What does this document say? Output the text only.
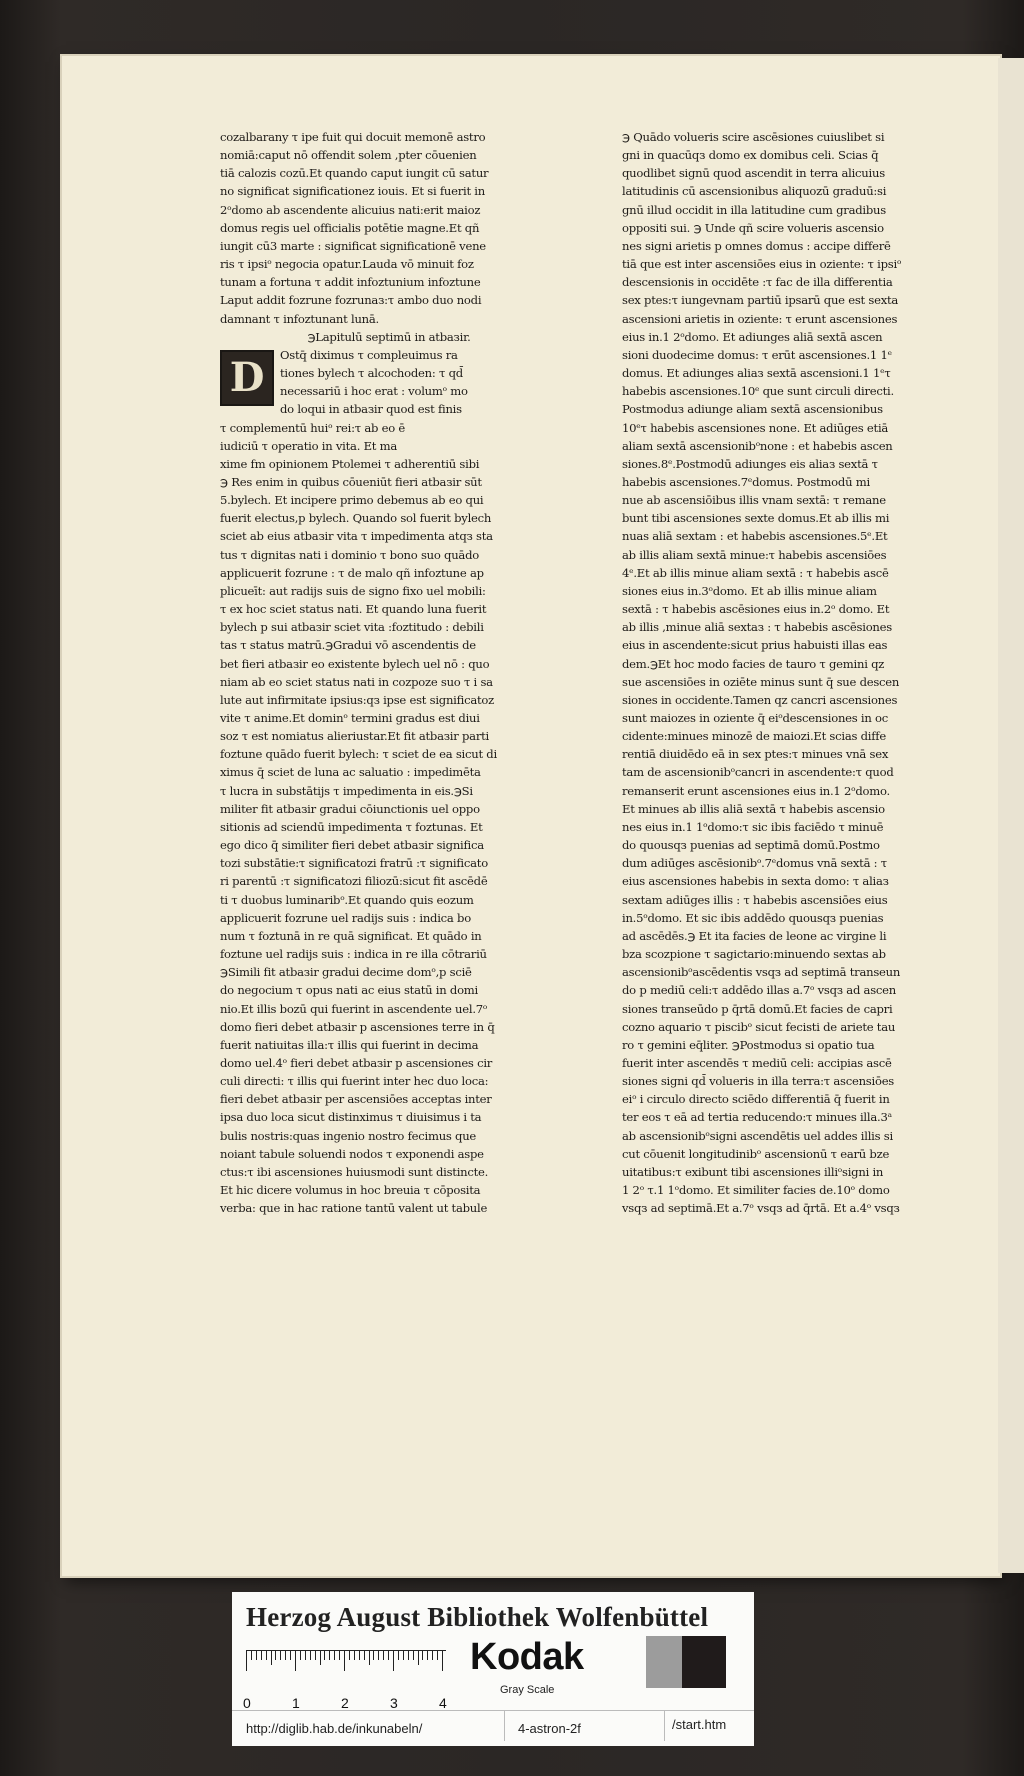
cozalbarany τ ipe fuit qui docuit memonē astro

nomiā:caput nō offendit solem ,pter cōuenien

tiā calozis cozū.Et quando caput iungit cū satur

no significat significationez iouis. Et si fuerit in

2ᵒdomo ab ascendente alicuius nati:erit maioz

domus regis uel officialis potētie magne.Et qñ

iungit cū3 marte : significat significationē vene

ris τ ipsiᵒ negocia opatur.Lauda vō minuit foz

tunam a fortuna τ addit infoztunium infoztune

Laput addit fozrune fozrunaз:τ ambo duo nodi

damnant τ infoztunant lunā.

℈Lapitulū septimū in atbaзir.

D	Ostq̄ diximus τ compleuimus ra

tiones bylech τ alcochoden: τ qd̄

necessariū i hoc erat : volumᵒ mo

do loqui in atbaзir quod est finis

τ complementū huiᵒ rei:τ ab eo ē

iudiciū τ operatio in vita. Et ma

xime fm opinionem Ptolemei τ adherentiū sibi

℈ Res enim in quibus cōueniūt fieri atbaзir sūt

5.bylech. Et incipere primo debemus ab eo qui

fuerit electus,p bylech. Quando sol fuerit bylech

sciet ab eius atbaзir vita τ impedimenta atqз sta

tus τ dignitas nati i dominio τ bono suo quādo

applicuerit fozrune : τ de malo qñ infoztune ap

plicueīt: aut radijs suis de signo fixo uel mobili:

τ ex hoc sciet status nati. Et quando luna fuerit

bylech p sui atbaзir sciet vita :foztitudo : debili

tas τ status matrū.℈Gradui vō ascendentis de

bet fieri atbaзir eo existente bylech uel nō : quo

niam ab eo sciet status nati in cozpoze suo τ i sa

lute aut infirmitate ipsius:qз ipse est significatoz

vite τ anime.Et dominᵒ termini gradus est diui

soz τ est nomiatus alieriustar.Et fit atbaзir parti

foztune quādo fuerit bylech: τ sciet de ea sicut di

ximus q̄ sciet de luna ac saluatio : impedimēta

τ lucra in substātijs τ impedimenta in eis.℈Si

militer fit atbaзir gradui cōiunctionis uel oppo

sitionis ad sciendū impedimenta τ foztunas. Et

ego dico q̄ similiter fieri debet atbaзir significa

tozi substātie:τ significatozi fratrū :τ significato

ri parentū :τ significatozi filiozū:sicut fit ascēdē

ti τ duobus luminaribᵒ.Et quando quis eozum

applicuerit fozrune uel radijs suis : indica bo

num τ foztunā in re quā significat. Et quādo in

foztune uel radijs suis : indica in re illa cōtrariū

℈Simili fit atbaзir gradui decime domᵒ,p sciē

do negocium τ opus nati ac eius statū in domi

nio.Et illis bozū qui fuerint in ascendente uel.7ᵒ

domo fieri debet atbaзir p ascensiones terre in q̄

fuerit natiuitas illa:τ illis qui fuerint in decima

domo uel.4ᵒ fieri debet atbaзir p ascensiones cir

culi directi: τ illis qui fuerint inter hec duo loca:

fieri debet atbaзir per ascensiōes acceptas inter

ipsa duo loca sicut distinximus τ diuisimus i ta

bulis nostris:quas ingenio nostro fecimus que

noiant tabule soluendi nodos τ exponendi aspe

ctus:τ ibi ascensiones huiusmodi sunt distincte.

Et hic dicere volumus in hoc breuia τ cōposita

verba: que in hac ratione tantū valent ut tabule

℈ Quādo volueris scire ascēsiones cuiuslibet si

gni in quacūqз domo ex domibus celi. Scias q̄

quodlibet signū quod ascendit in terra alicuius

latitudinis cū ascensionibus aliquozū graduū:si

gnū illud occidit in illa latitudine cum gradibus

oppositi sui. ℈ Unde qñ scire volueris ascensio

nes signi arietis p omnes domus : accipe differē

tiā que est inter ascensiōes eius in oziente: τ ipsiᵒ

descensionis in occidēte :τ fac de illa differentia

sex ptes:τ iungevnam partiū ipsarū que est sexta

ascensioni arietis in oziente: τ erunt ascensiones

eius in.1 2ᵒdomo. Et adiunges aliā sextā ascen

sioni duodecime domus: τ erūt ascensiones.1 1ᵉ

domus. Et adiunges aliaз sextā ascensioni.1 1ᵉτ

habebis ascensiones.10ᵉ que sunt circuli directi.

Postmoduз adiunge aliam sextā ascensionibus

10ᵉτ habebis ascensiones none. Et adiūges etiā

aliam sextā ascensionibᵒnone : et habebis ascen

siones.8ᵉ.Postmodū adiunges eis aliaз sextā τ

habebis ascensiones.7ᵉdomus. Postmodū mi

nue ab ascensiōibus illis vnam sextā: τ remane

bunt tibi ascensiones sexte domus.Et ab illis mi

nuas aliā sextam : et habebis ascensiones.5ᵉ.Et

ab illis aliam sextā minue:τ habebis ascensiōes

4ᵉ.Et ab illis minue aliam sextā : τ habebis ascē

siones eius in.3ᵒdomo. Et ab illis minue aliam

sextā : τ habebis ascēsiones eius in.2ᵒ domo. Et

ab illis ,minue aliā sextaз : τ habebis ascēsiones

eius in ascendente:sicut prius habuisti illas eas

dem.℈Et hoc modo facies de tauro τ gemini qz

sue ascensiōes in oziēte minus sunt q̄ sue descen

siones in occidente.Tamen qz cancri ascensiones

sunt maiozes in oziente q̄ eiᵒdescensiones in oc

cidente:minues minozē de maiozi.Et scias diffe

rentiā diuidēdo eā in sex ptes:τ minues vnā sex

tam de ascensionibᵒcancri in ascendente:τ quod

remanserit erunt ascensiones eius in.1 2ᵒdomo.

Et minues ab illis aliā sextā τ habebis ascensio

nes eius in.1 1ᵒdomo:τ sic ibis faciēdo τ minuē

do quousqз puenias ad septimā domū.Postmo

dum adiūges ascēsionibᵒ.7ᵉdomus vnā sextā : τ

eius ascensiones habebis in sexta domo: τ aliaз

sextam adiūges illis : τ habebis ascensiōes eius

in.5ᵒdomo. Et sic ibis addēdo quousqз puenias

ad ascēdēs.℈ Et ita facies de leone ac virgine li

bza scozpione τ sagictario:minuendo sextas ab

ascensionibᵒascēdentis vsqз ad septimā transeun

do p mediū celi:τ addēdo illas a.7ᵒ vsqз ad ascen

siones transeūdo p q̄rtā domū.Et facies de capri

cozno aquario τ piscibᵒ sicut fecisti de ariete tau

ro τ gemini eq̄liter. ℈Postmoduз si opatio tua

fuerit inter ascendēs τ mediū celi: accipias ascē

siones signi qd̄ volueris in illa terra:τ ascensiōes

eiᵒ i circulo directo sciēdo differentiā q̄ fuerit in

ter eos τ eā ad tertia reducendo:τ minues illa.3ᵃ

ab ascensionibᵒsigni ascendētis uel addes illis si

cut cōuenit longitudinibᵒ ascensionū τ earū bze

uitatibus:τ exibunt tibi ascensiones illiᵒsigni in

1 2ᵒ τ.1 1ᵒdomo. Et similiter facies de.10ᵒ domo

vsqз ad septimā.Et a.7ᵒ vsqз ad q̄rtā. Et a.4ᵒ vsqз

Herzog August Bibliothek Wolfenbüttel
0	1	2	3	4
Kodak
Gray Scale
http://diglib.hab.de/inkunabeln/	4-astron-2f	/start.htm
